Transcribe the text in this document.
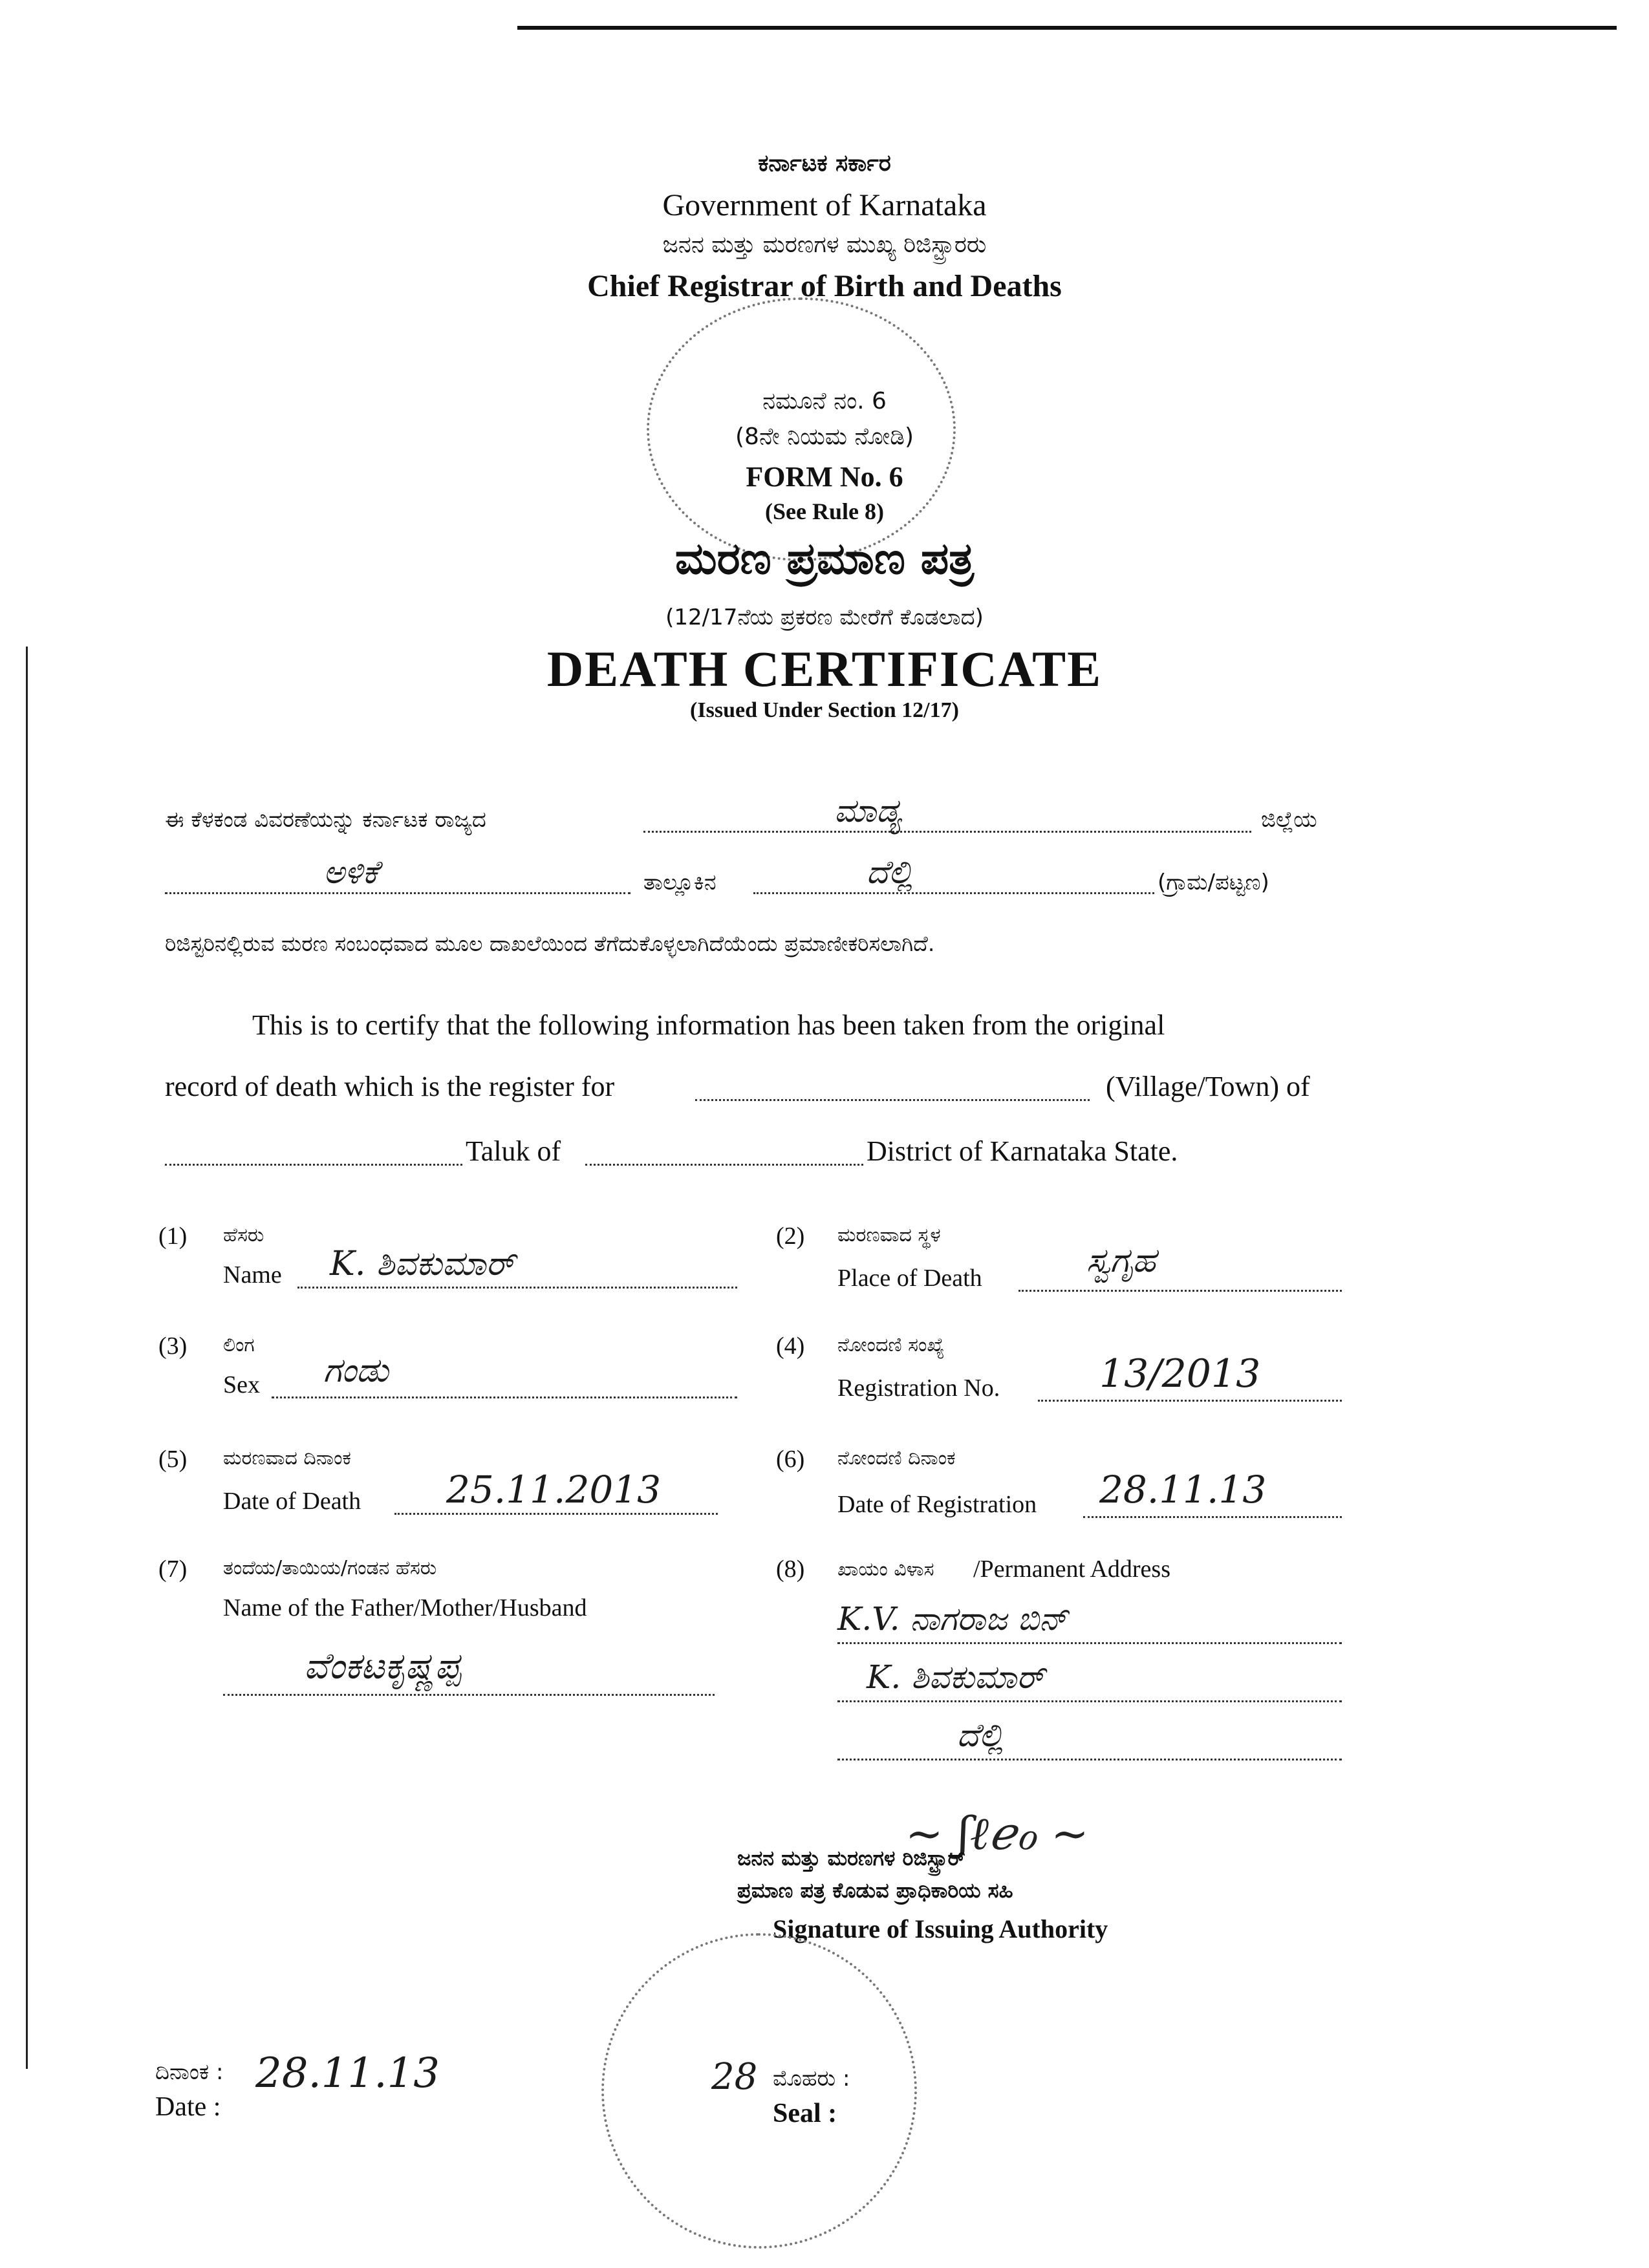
ಕರ್ನಾಟಕ ಸರ್ಕಾರ
Government of Karnataka
ಜನನ ಮತ್ತು ಮರಣಗಳ ಮುಖ್ಯ ರಿಜಿಸ್ಟ್ರಾರರು
Chief Registrar of Birth and Deaths
ನಮೂನೆ ನಂ. 6
(8ನೇ ನಿಯಮ ನೋಡಿ)
FORM No. 6
(See Rule 8)
ಮರಣ ಪ್ರಮಾಣ ಪತ್ರ
(12/17ನೆಯ ಪ್ರಕರಣ ಮೇರೆಗೆ ಕೊಡಲಾದ)
DEATH CERTIFICATE
(Issued Under Section 12/17)
ಈ ಕೆಳಕಂಡ ವಿವರಣೆಯನ್ನು ಕರ್ನಾಟಕ ರಾಜ್ಯದ	ಮಾಡ್ಯ	ಜಿಲ್ಲೆಯ
ಅಳಿಕೆ	ತಾಲ್ಲೂಕಿನ	ದೆಲ್ಲಿ	(ಗ್ರಾಮ/ಪಟ್ಟಣ)
ರಿಜಿಸ್ಟರಿನಲ್ಲಿರುವ ಮರಣ ಸಂಬಂಧವಾದ ಮೂಲ ದಾಖಲೆಯಿಂದ ತೆಗೆದುಕೊಳ್ಳಲಾಗಿದೆಯೆಂದು ಪ್ರಮಾಣೀಕರಿಸಲಾಗಿದೆ.
This is to certify that the following information has been taken from the original
record of death which is the register for	(Village/Town) of
Taluk of	District of Karnataka State.
(1) ಹೆಸರು
Name K. ಶಿವಕುಮಾರ್
(2) ಮರಣವಾದ ಸ್ಥಳ
Place of Death	ಸ್ವಗೃಹ
(3) ಲಿಂಗ
Sex ಗಂಡು
(4) ನೋಂದಣಿ ಸಂಖ್ಯೆ
Registration No.	13/2013
(5) ಮರಣವಾದ ದಿನಾಂಕ
Date of Death 25.11.2013
(6) ನೋಂದಣಿ ದಿನಾಂಕ
Date of Registration 28.11.13
(7) ತಂದೆಯ/ತಾಯಿಯ/ಗಂಡನ ಹೆಸರು
Name of the Father/Mother/Husband
ವೆಂಕಟಕೃಷ್ಣಪ್ಪ
(8) ಖಾಯಂ ವಿಳಾಸ /Permanent Address
K.V. ನಾಗರಾಜ ಬಿನ್
K. ಶಿವಕುಮಾರ್
ದೆಲ್ಲಿ
~ ʃℓℯℴ ~
ಜನನ ಮತ್ತು ಮರಣಗಳ ರಿಜಿಸ್ಟ್ರಾರ್
ಪ್ರಮಾಣ ಪತ್ರ ಕೊಡುವ ಪ್ರಾಧಿಕಾರಿಯ ಸಹಿ
Signature of Issuing Authority
ದಿನಾಂಕ :
Date :
28.11.13	28 ಮೊಹರು :
Seal :
